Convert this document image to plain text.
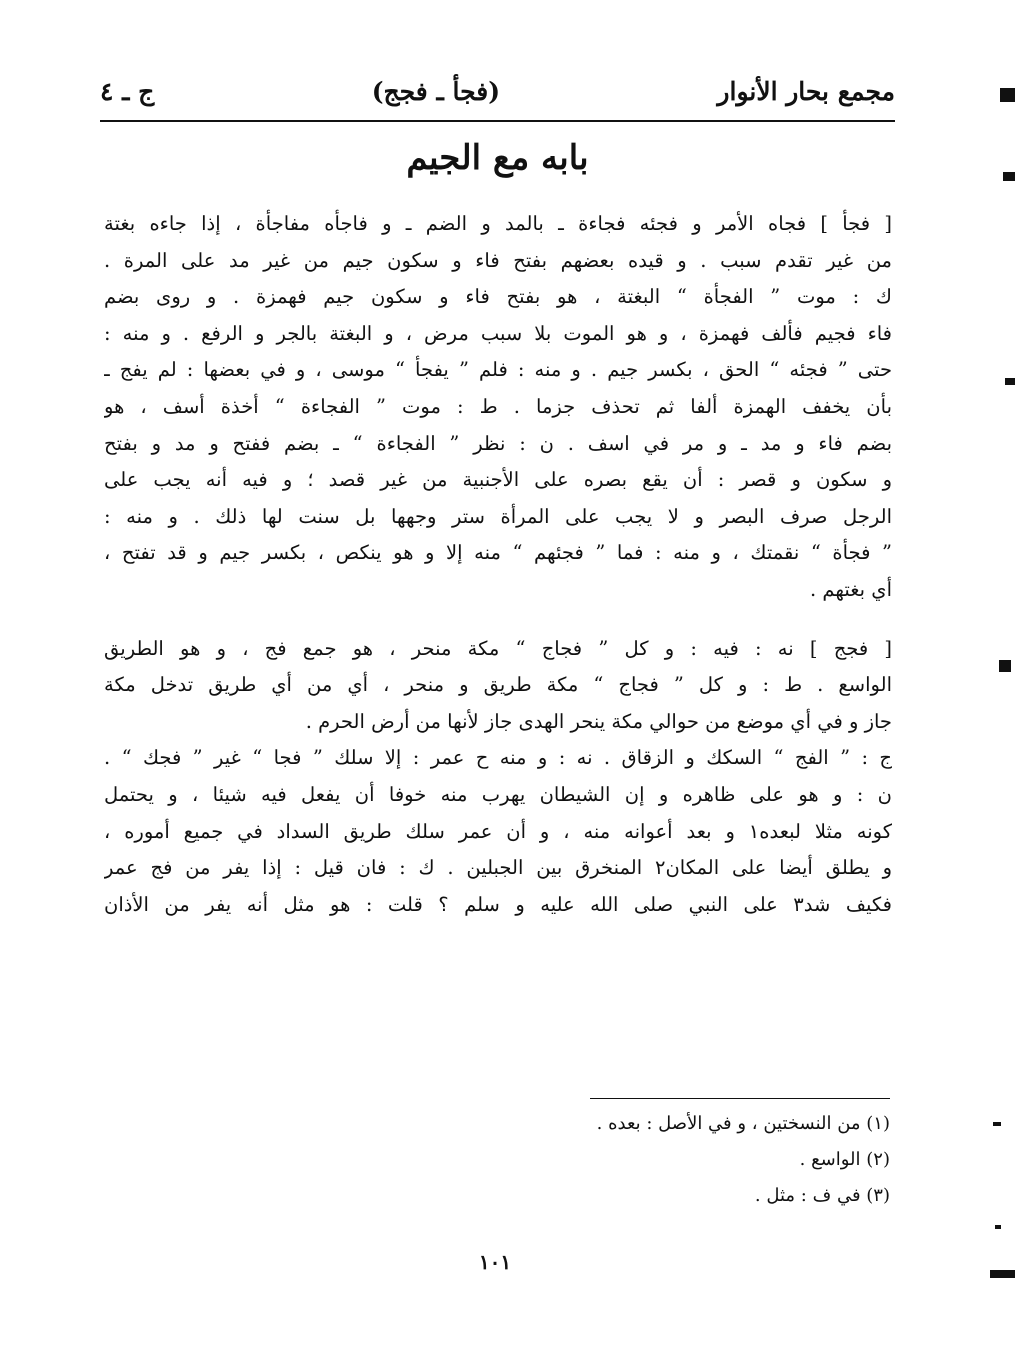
مجمع بحار الأنوار
(فجأ ـ فجج)
ج ـ ٤
بابه مع الجيم
[ فجأ ] فجاه الأمر و فجئه فجاءة ـ بالمد و الضم ـ و فاجأه مفاجأة ، إذا جاءه بغتة
من غير تقدم سبب . و قيده بعضهم بفتح فاء و سكون جيم من غير مد على المرة .
ك : موت ” الفجأة “ البغتة ، هو بفتح فاء و سكون جيم فهمزة . و روى بضم
فاء فجيم فألف فهمزة ، و هو الموت بلا سبب مرض ، و البغتة بالجر و الرفع . و منه :
حتى ” فجئه “ الحق ، بكسر جيم . و منه : فلم ” يفجأ “ موسى ، و في بعضها : لم يفج ـ
بأن يخفف الهمزة ألفا ثم تحذف جزما . ط : موت ” الفجاءة “ أخذة أسف ، هو
بضم فاء و مد ـ و مر في اسف . ن : نظر ” الفجاءة “ ـ بضم ففتح و مد و بفتح
و سكون و قصر : أن يقع بصره على الأجنبية من غير قصد ؛ و فيه أنه يجب على
الرجل صرف البصر و لا يجب على المرأة ستر وجهها بل سنت لها ذلك . و منه :
” فجأة “ نقمتك ، و منه : فما ” فجئهم “ منه إلا و هو ينكص ، بكسر جيم و قد تفتح ،
أي بغتهم .
[ فجج ] نه : فيه : و كل ” فجاج “ مكة منحر ، هو جمع فج ، و هو الطريق
الواسع . ط : و كل ” فجاج “ مكة طريق و منحر ، أي من أي طريق تدخل مكة
جاز و في أي موضع من حوالي مكة ينحر الهدى جاز لأنها من أرض الحرم .
ج : ” الفج “ السكك و الزقاق . نه : و منه ح عمر : إلا سلك ” فجا “ غير ” فجك “ .
ن : و هو على ظاهره و إن الشيطان يهرب منه خوفا أن يفعل فيه شيئا ، و يحتمل
كونه مثلا لبعده١ و بعد أعوانه منه ، و أن عمر سلك طريق السداد في جميع أموره ،
و يطلق أيضا على المكان٢ المنخرق بين الجبلين . ك : فان قيل : إذا يفر من فج عمر
فكيف شد٣ على النبي صلى الله عليه و سلم ؟ قلت : هو مثل أنه يفر من الأذان
(١) من النسختين ، و في الأصل : بعده .
(٢) الواسع .
(٣) في ف : مثل .
١٠١
